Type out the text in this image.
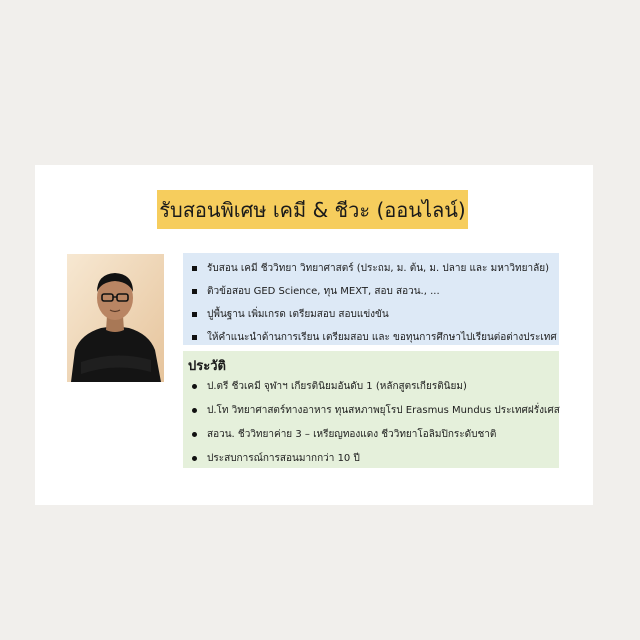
รับสอนพิเศษ เคมี & ชีวะ (ออนไลน์)
รับสอน เคมี ชีววิทยา วิทยาศาสตร์ (ประถม, ม. ต้น, ม. ปลาย และ มหาวิทยาลัย)
ติวข้อสอบ GED Science, ทุน MEXT, สอบ สอวน., ...
ปูพื้นฐาน เพิ่มเกรด เตรียมสอบ สอบแข่งขัน
ให้คำแนะนำด้านการเรียน เตรียมสอบ และ ขอทุนการศึกษาไปเรียนต่อต่างประเทศ
ประวัติ
ป.ตรี ชีวเคมี จุฬาฯ เกียรตินิยมอันดับ 1 (หลักสูตรเกียรตินิยม)
ป.โท วิทยาศาสตร์ทางอาหาร ทุนสหภาพยุโรป Erasmus Mundus ประเทศฝรั่งเศส
สอวน. ชีววิทยาค่าย 3 – เหรียญทองแดง ชีววิทยาโอลิมปิกระดับชาติ
ประสบการณ์การสอนมากกว่า 10 ปี
